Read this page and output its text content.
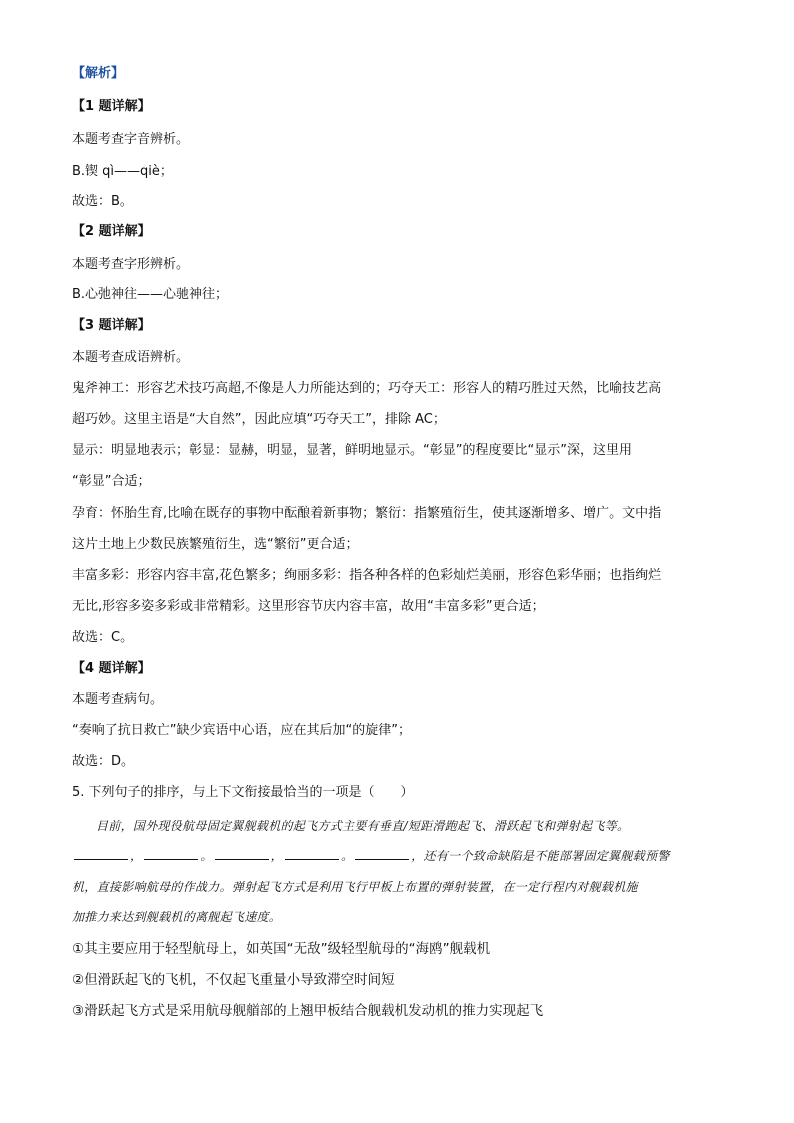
【解析】
【1 题详解】
本题考查字音辨析。
B.锲 qì——qiè；
故选：B。
【2 题详解】
本题考查字形辨析。
B.心弛神往——心驰神往；
【3 题详解】
本题考查成语辨析。
鬼斧神工：形容艺术技巧高超,不像是人力所能达到的；巧夺天工：形容人的精巧胜过天然，比喻技艺高
超巧妙。这里主语是“大自然”，因此应填“巧夺天工”，排除 AC；
显示：明显地表示；彰显：显赫，明显，显著，鲜明地显示。“彰显”的程度要比“显示”深，这里用
“彰显”合适；
孕育：怀胎生育,比喻在既存的事物中酝酿着新事物；繁衍：指繁殖衍生，使其逐渐增多、增广。文中指
这片土地上少数民族繁殖衍生，选“繁衍”更合适；
丰富多彩：形容内容丰富,花色繁多；绚丽多彩：指各种各样的色彩灿烂美丽，形容色彩华丽；也指绚烂
无比,形容多姿多彩或非常精彩。这里形容节庆内容丰富，故用“丰富多彩”更合适；
故选：C。
【4 题详解】
本题考查病句。
“奏响了抗日救亡”缺少宾语中心语，应在其后加“的旋律”；
故选：D。
5. 下列句子的排序，与上下文衔接最恰当的一项是（　　）
目前，国外现役航母固定翼舰载机的起飞方式主要有垂直/短距滑跑起飞、滑跃起飞和弹射起飞等。
，	。	，	。	，还有一个致命缺陷是不能部署固定翼舰载预警
机，直接影响航母的作战力。弹射起飞方式是利用飞行甲板上布置的弹射装置，在一定行程内对舰载机施
加推力来达到舰载机的离舰起飞速度。
①其主要应用于轻型航母上，如英国“无敌”级轻型航母的“海鸥”舰载机
②但滑跃起飞的飞机，不仅起飞重量小导致滞空时间短
③滑跃起飞方式是采用航母舰艏部的上翘甲板结合舰载机发动机的推力实现起飞
